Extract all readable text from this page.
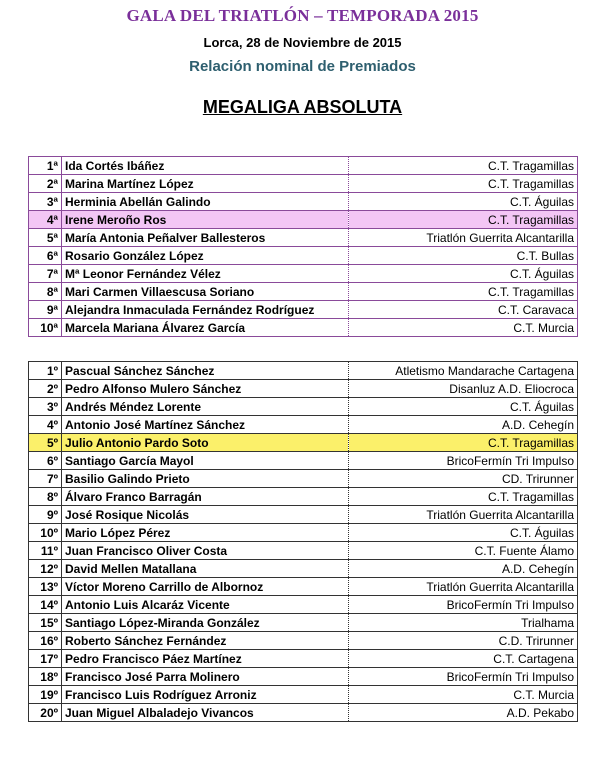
GALA DEL TRIATLÓN – TEMPORADA 2015
Lorca, 28 de Noviembre de 2015
Relación nominal de Premiados
MEGALIGA ABSOLUTA
1ª	Ida Cortés Ibáñez	C.T. Tragamillas
2ª	Marina Martínez López	C.T. Tragamillas
3ª	Herminia Abellán Galindo	C.T. Águilas
4ª	Irene Meroño Ros	C.T. Tragamillas
5ª	María Antonia Peñalver Ballesteros	Triatlón Guerrita Alcantarilla
6ª	Rosario González López	C.T. Bullas
7ª	Mª Leonor Fernández Vélez	C.T. Águilas
8ª	Mari Carmen Villaescusa Soriano	C.T. Tragamillas
9ª	Alejandra Inmaculada Fernández Rodríguez	C.T. Caravaca
10ª	Marcela Mariana Álvarez García	C.T. Murcia
1º	Pascual Sánchez Sánchez	Atletismo Mandarache Cartagena
2º	Pedro Alfonso Mulero Sánchez	Disanluz A.D. Eliocroca
3º	Andrés Méndez Lorente	C.T. Águilas
4º	Antonio José Martínez Sánchez	A.D. Cehegín
5º	Julio Antonio Pardo Soto	C.T. Tragamillas
6º	Santiago García Mayol	BricoFermín Tri Impulso
7º	Basilio Galindo Prieto	CD. Trirunner
8º	Álvaro Franco Barragán	C.T. Tragamillas
9º	José Rosique Nicolás	Triatlón Guerrita Alcantarilla
10º	Mario López Pérez	C.T. Águilas
11º	Juan Francisco Oliver Costa	C.T. Fuente Álamo
12º	David Mellen Matallana	A.D. Cehegín
13º	Víctor Moreno Carrillo de Albornoz	Triatlón Guerrita Alcantarilla
14º	Antonio Luis Alcaráz Vicente	BricoFermín Tri Impulso
15º	Santiago López-Miranda González	Trialhama
16º	Roberto Sánchez Fernández	C.D. Trirunner
17º	Pedro Francisco Páez Martínez	C.T. Cartagena
18º	Francisco José Parra Molinero	BricoFermín Tri Impulso
19º	Francisco Luis Rodríguez Arroniz	C.T. Murcia
20º	Juan Miguel Albaladejo Vivancos	A.D. Pekabo
